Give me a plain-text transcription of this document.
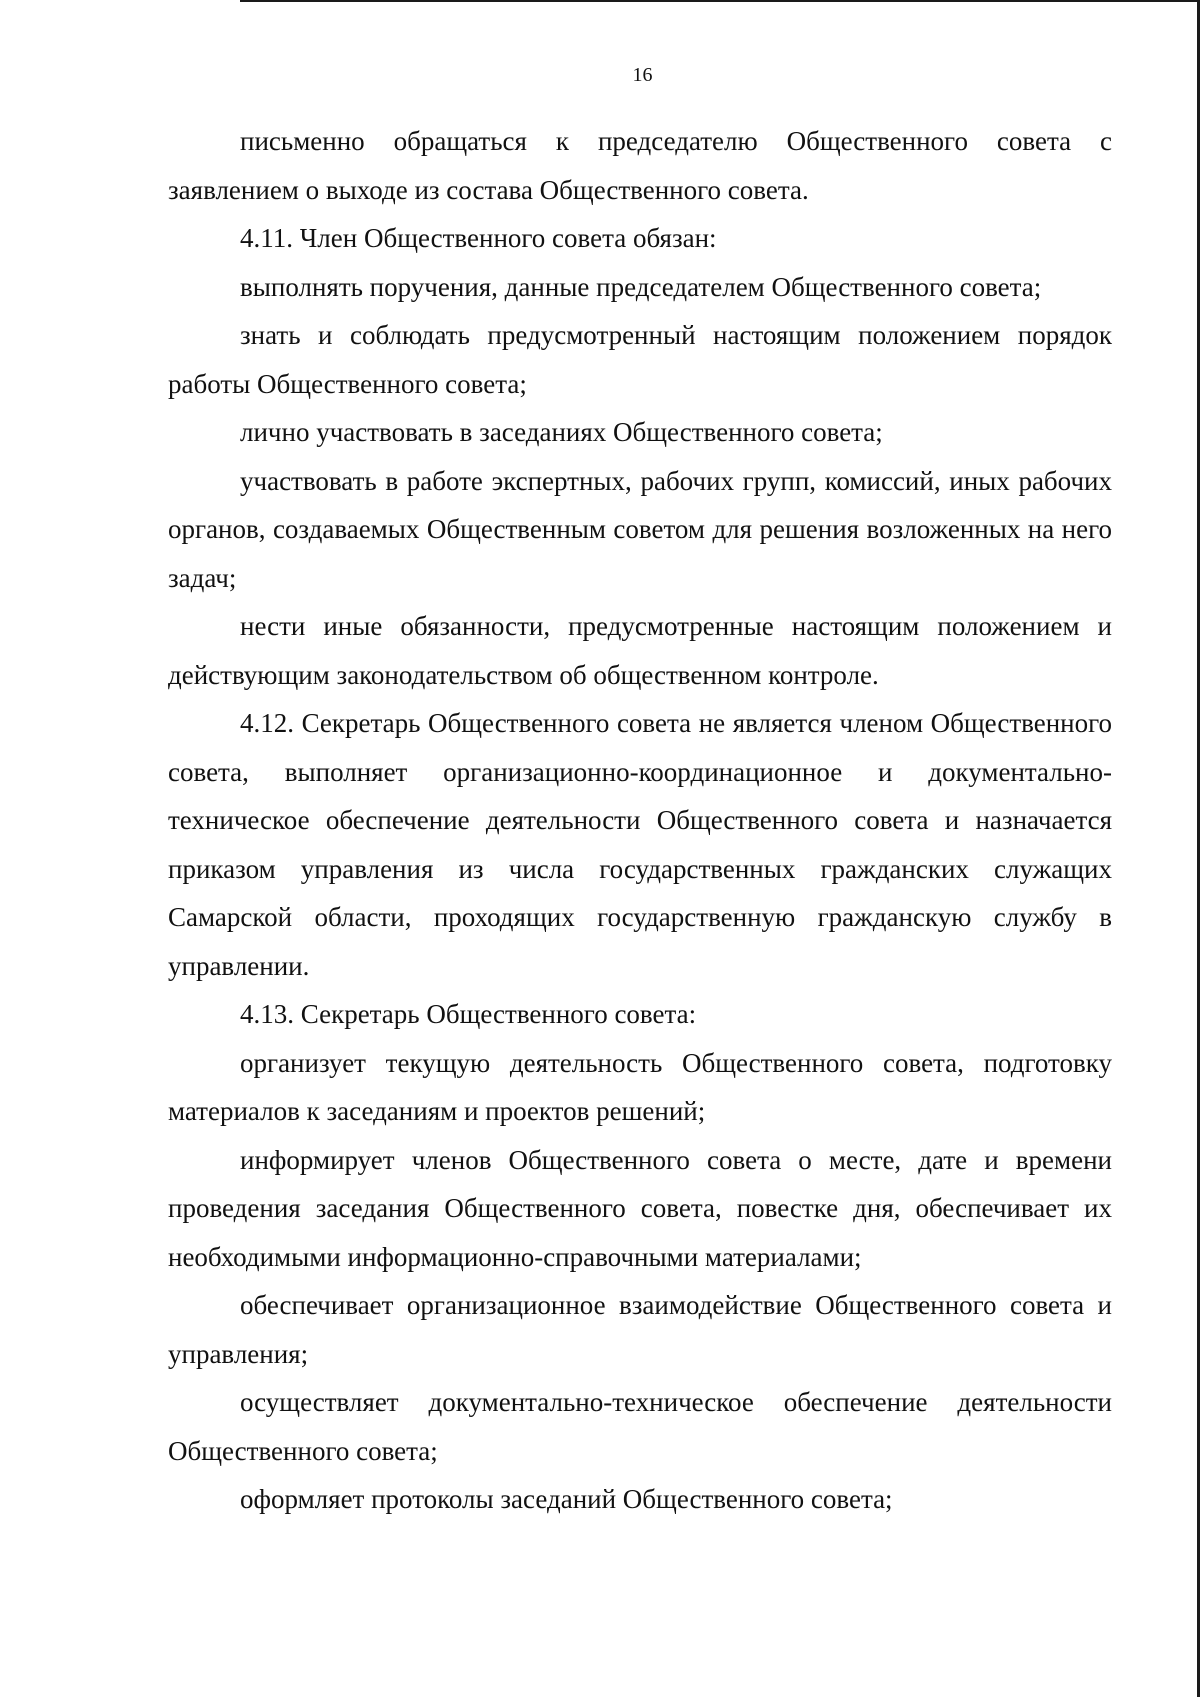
16

письменно обращаться к председателю Общественного совета с заявлением о выходе из состава Общественного совета.

4.11. Член Общественного совета обязан:

выполнять поручения, данные председателем Общественного совета;

знать и соблюдать предусмотренный настоящим положением порядок работы Общественного совета;

лично участвовать в заседаниях Общественного совета;

участвовать в работе экспертных, рабочих групп, комиссий, иных рабочих органов, создаваемых Общественным советом для решения возложенных на него задач;

нести иные обязанности, предусмотренные настоящим положением и действующим законодательством об общественном контроле.

4.12. Секретарь Общественного совета не является членом Общественного совета, выполняет организационно-координационное и документально-техническое обеспечение деятельности Общественного совета и назначается приказом управления из числа государственных гражданских служащих Самарской области, проходящих государственную гражданскую службу в управлении.

4.13. Секретарь Общественного совета:

организует текущую деятельность Общественного совета, подготовку материалов к заседаниям и проектов решений;

информирует членов Общественного совета о месте, дате и времени проведения заседания Общественного совета, повестке дня, обеспечивает их необходимыми информационно-справочными материалами;

обеспечивает организационное взаимодействие Общественного совета и управления;

осуществляет документально-техническое обеспечение деятельности Общественного совета;

оформляет протоколы заседаний Общественного совета;
